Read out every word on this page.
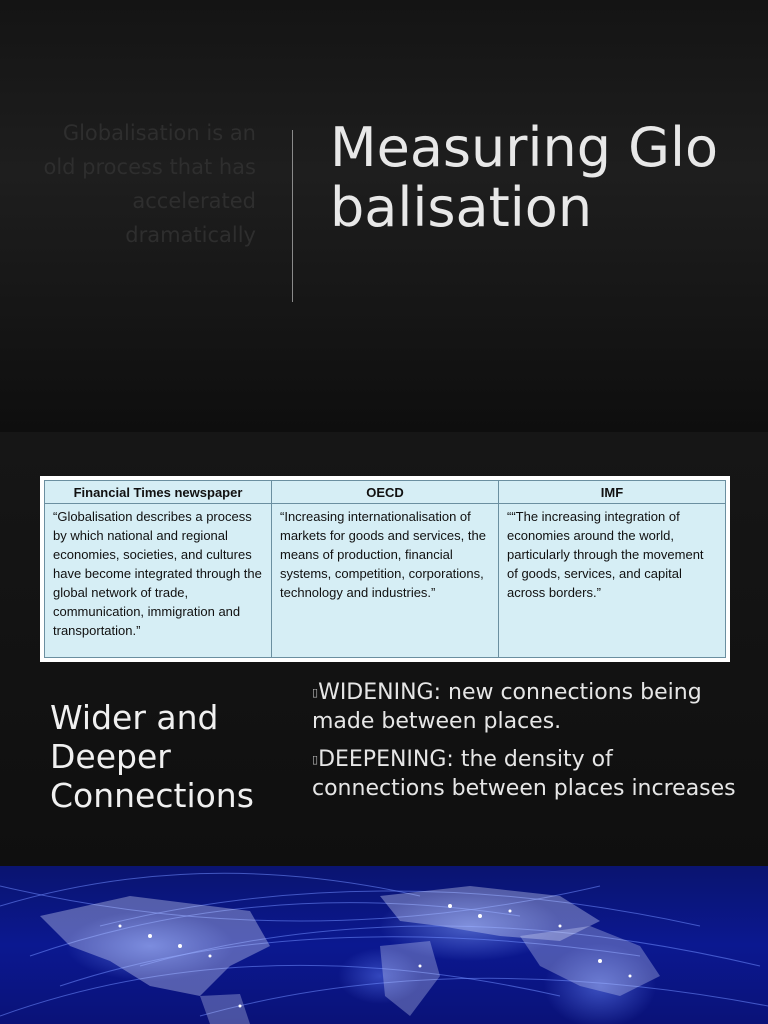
Globalisation is an old process that has accelerated dramatically
Measuring Globalisation
Financial Times newspaper	OECD	IMF
“Globalisation describes a process by which national and regional economies, societies, and cultures have become integrated through the global network of trade, communication, immigration and transportation.”	“Increasing internationalisation of markets for goods and services, the means of production, financial systems, competition, corporations, technology and industries.”	““The increasing integration of economies around the world, particularly through the movement of goods, services, and capital across borders.”
Wider and Deeper Connections
▯WIDENING: new connections being made between places.
▯DEEPENING: the density of connections between places increases
